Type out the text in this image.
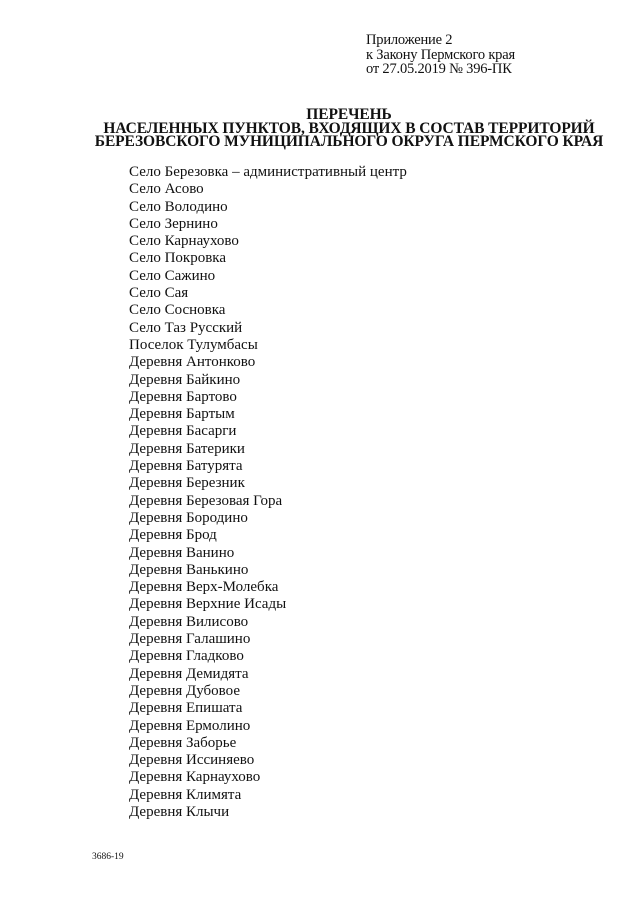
Приложение 2
к Закону Пермского края
от 27.05.2019 № 396-ПК
ПЕРЕЧЕНЬ
НАСЕЛЕННЫХ ПУНКТОВ, ВХОДЯЩИХ В СОСТАВ ТЕРРИТОРИЙ
БЕРЕЗОВСКОГО МУНИЦИПАЛЬНОГО ОКРУГА ПЕРМСКОГО КРАЯ
Село Березовка – административный центр
Село Асово
Село Володино
Село Зернино
Село Карнаухово
Село Покровка
Село Сажино
Село Сая
Село Сосновка
Село Таз Русский
Поселок Тулумбасы
Деревня Антонково
Деревня Байкино
Деревня Бартово
Деревня Бартым
Деревня Басарги
Деревня Батерики
Деревня Батурята
Деревня Березник
Деревня Березовая Гора
Деревня Бородино
Деревня Брод
Деревня Ванино
Деревня Ванькино
Деревня Верх-Молебка
Деревня Верхние Исады
Деревня Вилисово
Деревня Галашино
Деревня Гладково
Деревня Демидята
Деревня Дубовое
Деревня Епишата
Деревня Ермолино
Деревня Заборье
Деревня Иссиняево
Деревня Карнаухово
Деревня Климята
Деревня Клычи
3686-19
